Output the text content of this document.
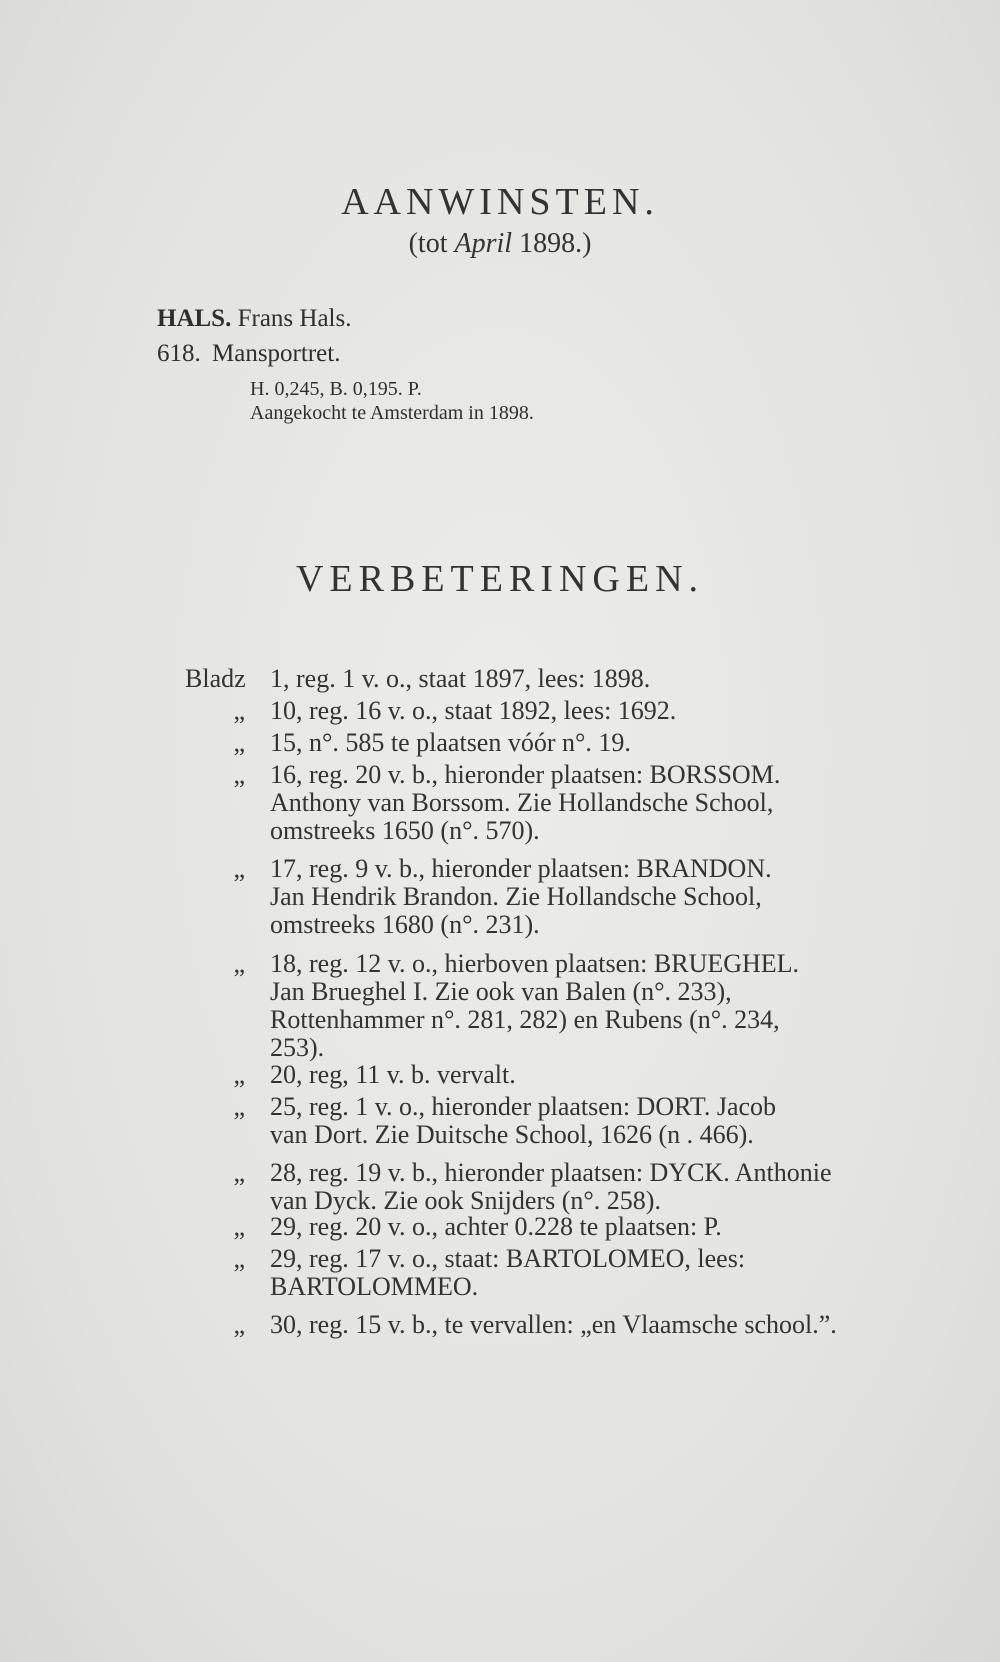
AANWINSTEN.
(tot April 1898.)
HALS. Frans Hals.
618. Mansportret.
H. 0,245, B. 0,195. P.
Aangekocht te Amsterdam in 1898.
VERBETERINGEN.
Bladz 1, reg. 1 v. o., staat 1897, lees: 1898.

„ 10, reg. 16 v. o., staat 1892, lees: 1692.

„ 15, n°. 585 te plaatsen vóór n°. 19.

„ 16, reg. 20 v. b., hieronder plaatsen: BORSSOM.

Anthony van Borssom. Zie Hollandsche School,

omstreeks 1650 (n°. 570).

„ 17, reg. 9 v. b., hieronder plaatsen: BRANDON.

Jan Hendrik Brandon. Zie Hollandsche School,

omstreeks 1680 (n°. 231).

„ 18, reg. 12 v. o., hierboven plaatsen: BRUEGHEL.

Jan Brueghel I. Zie ook van Balen (n°. 233),

Rottenhammer n°. 281, 282) en Rubens (n°. 234,

253).

„ 20, reg, 11 v. b. vervalt.

„ 25, reg. 1 v. o., hieronder plaatsen: DORT. Jacob

van Dort. Zie Duitsche School, 1626 (n . 466).

„ 28, reg. 19 v. b., hieronder plaatsen: DYCK. Anthonie

van Dyck. Zie ook Snijders (n°. 258).

„ 29, reg. 20 v. o., achter 0.228 te plaatsen: P.

„ 29, reg. 17 v. o., staat: BARTOLOMEO, lees:

BARTOLOMMEO.

„ 30, reg. 15 v. b., te vervallen: „en Vlaamsche school.”.
